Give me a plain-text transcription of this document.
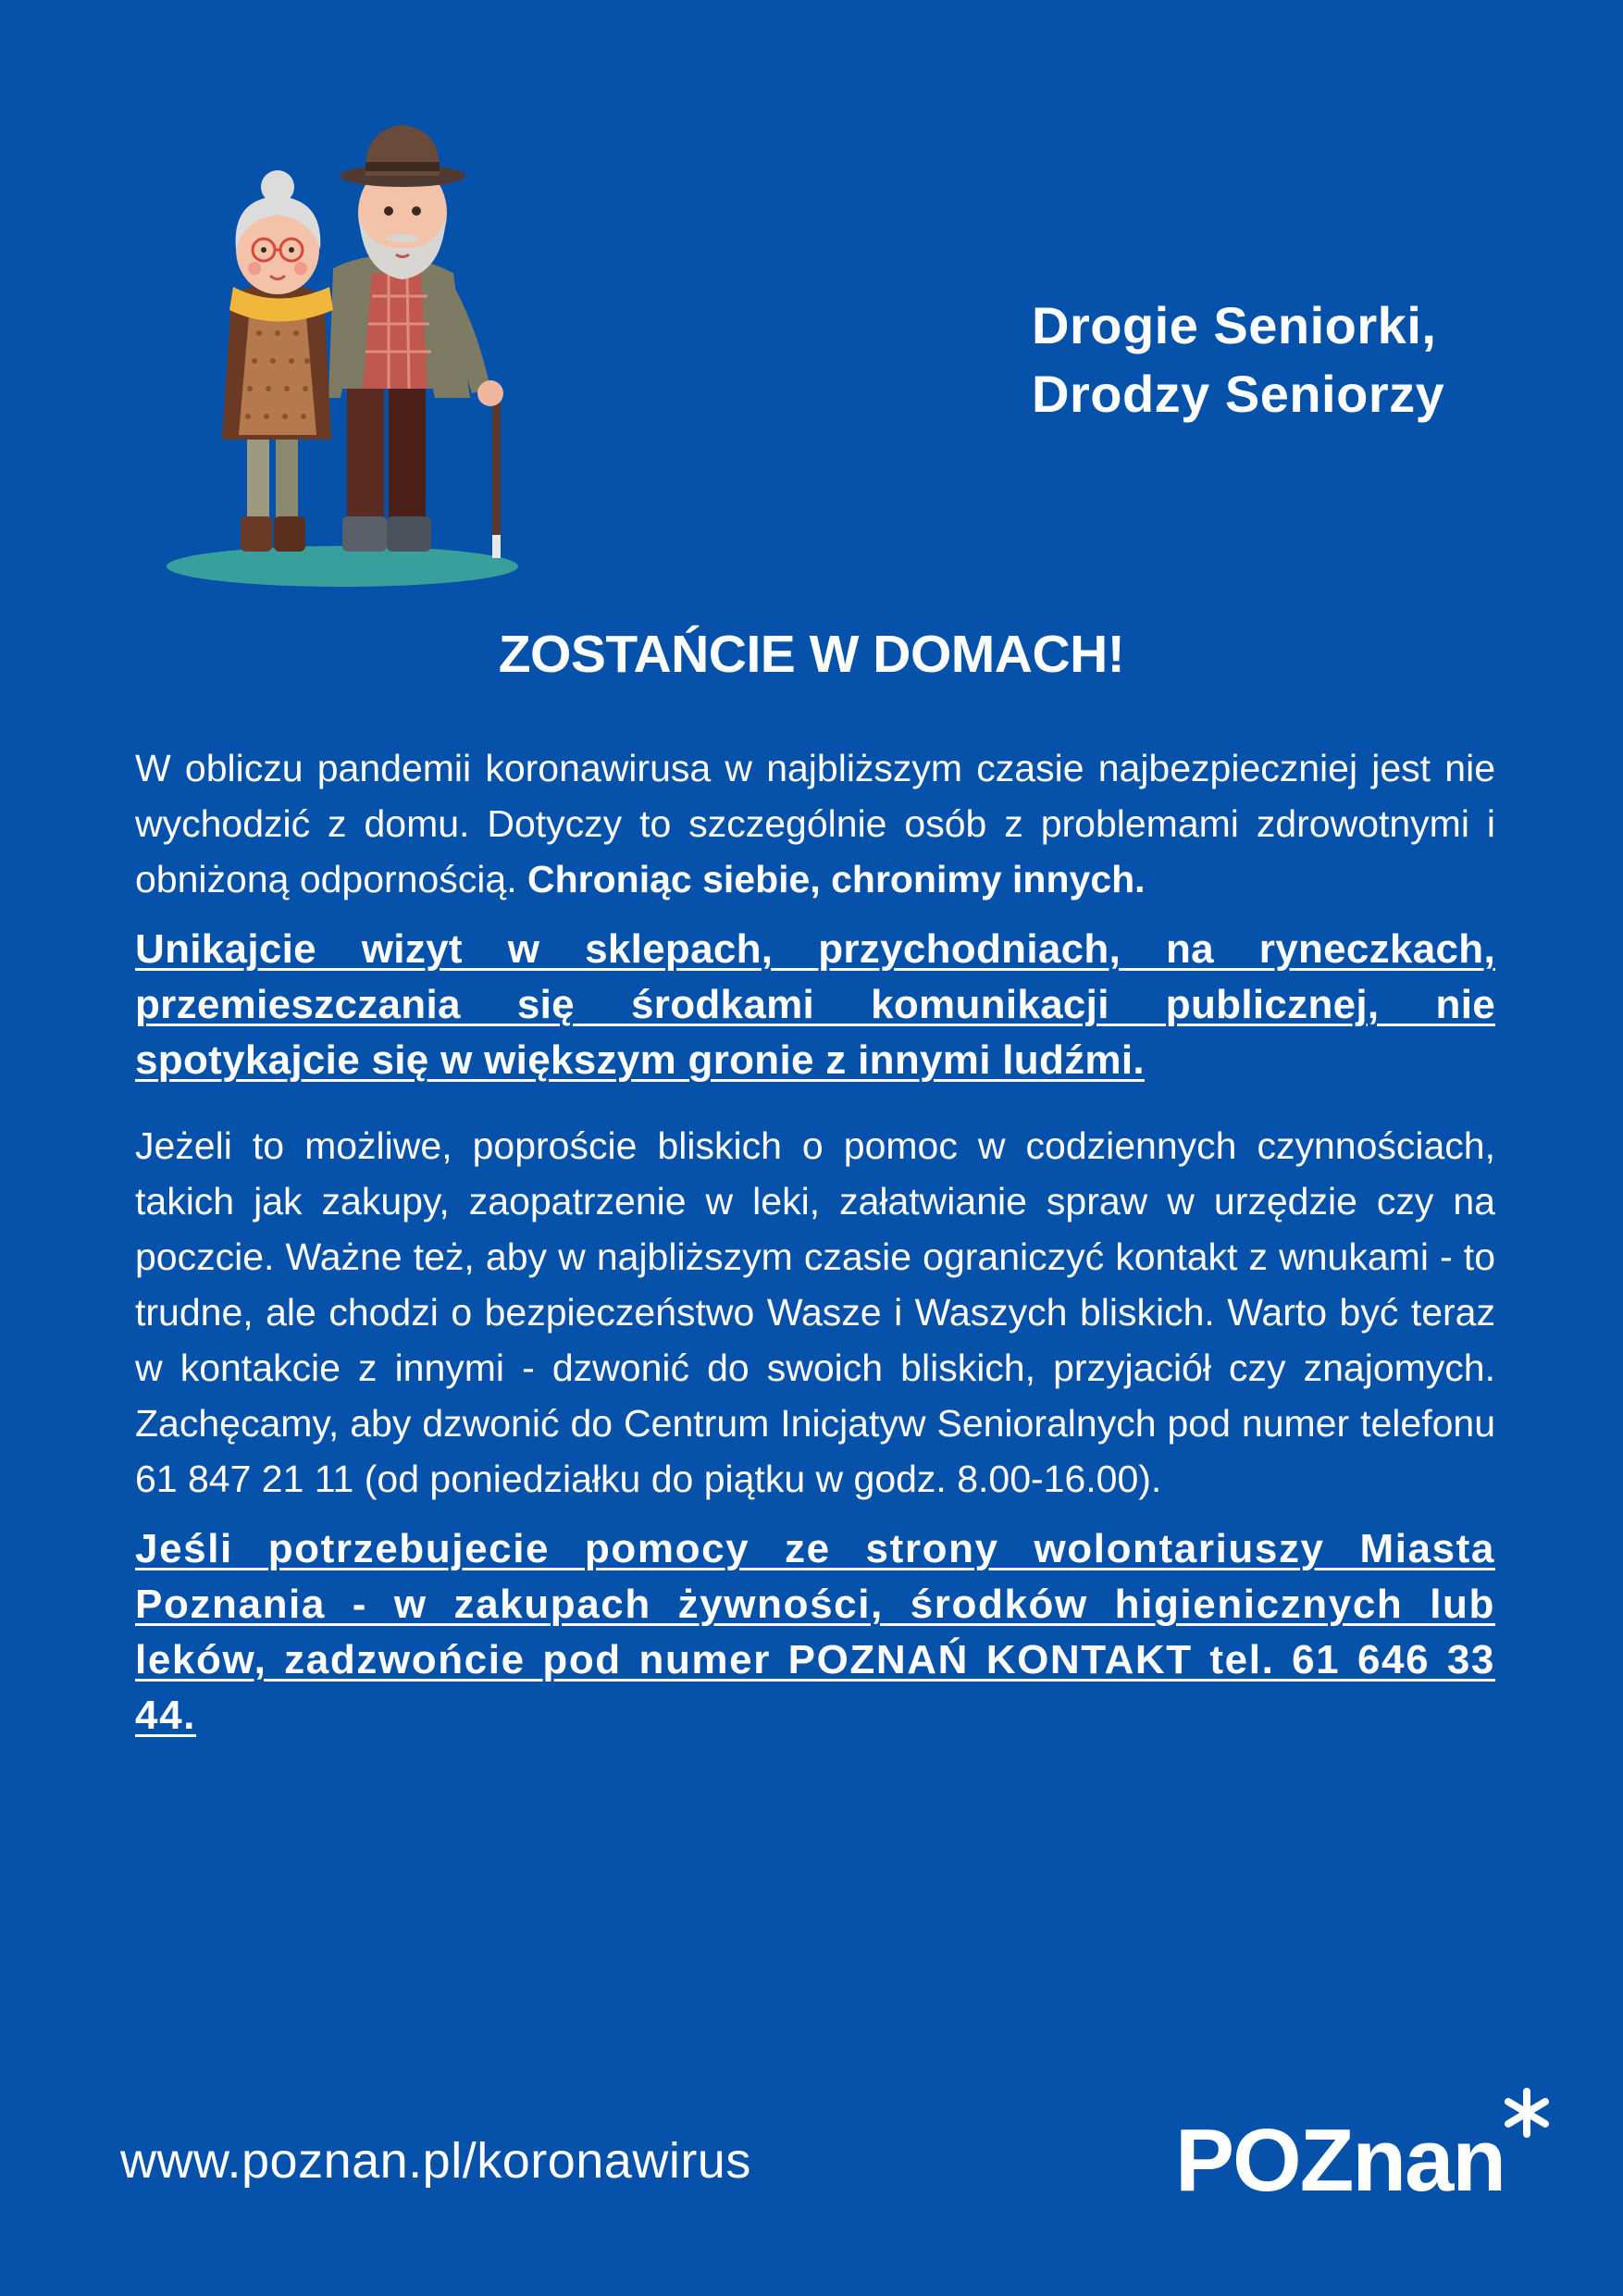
Drogie Seniorki,
Drodzy Seniorzy
ZOSTAŃCIE W DOMACH!

W obliczu pandemii koronawirusa w najbliższym czasie najbezpieczniej jest nie wychodzić z domu. Dotyczy to szczególnie osób z problemami zdrowotnymi i obniżoną odpornością. Chroniąc siebie, chronimy innych.

Unikajcie wizyt w sklepach, przychodniach, na ryneczkach, przemieszczania się środkami komunikacji publicznej, nie spotykajcie się w większym gronie z innymi ludźmi.

Jeżeli to możliwe, poproście bliskich o pomoc w codziennych czynnościach, takich jak zakupy, zaopatrzenie w leki, załatwianie spraw w urzędzie czy na poczcie. Ważne też, aby w najbliższym czasie ograniczyć kontakt z wnukami - to trudne, ale chodzi o bezpieczeństwo Wasze i Waszych bliskich. Warto być teraz w kontakcie z innymi - dzwonić do swoich bliskich, przyjaciół czy znajomych. Zachęcamy, aby dzwonić do Centrum Inicjatyw Senioralnych pod numer telefonu 61 847 21 11 (od poniedziałku do piątku w godz. 8.00-16.00).

Jeśli potrzebujecie pomocy ze strony wolontariuszy Miasta Poznania - w zakupach żywności, środków higienicznych lub leków, zadzwońcie pod numer POZNAŃ KONTAKT tel. 61 646 33 44.

www.poznan.pl/koronawirus	POZnan
